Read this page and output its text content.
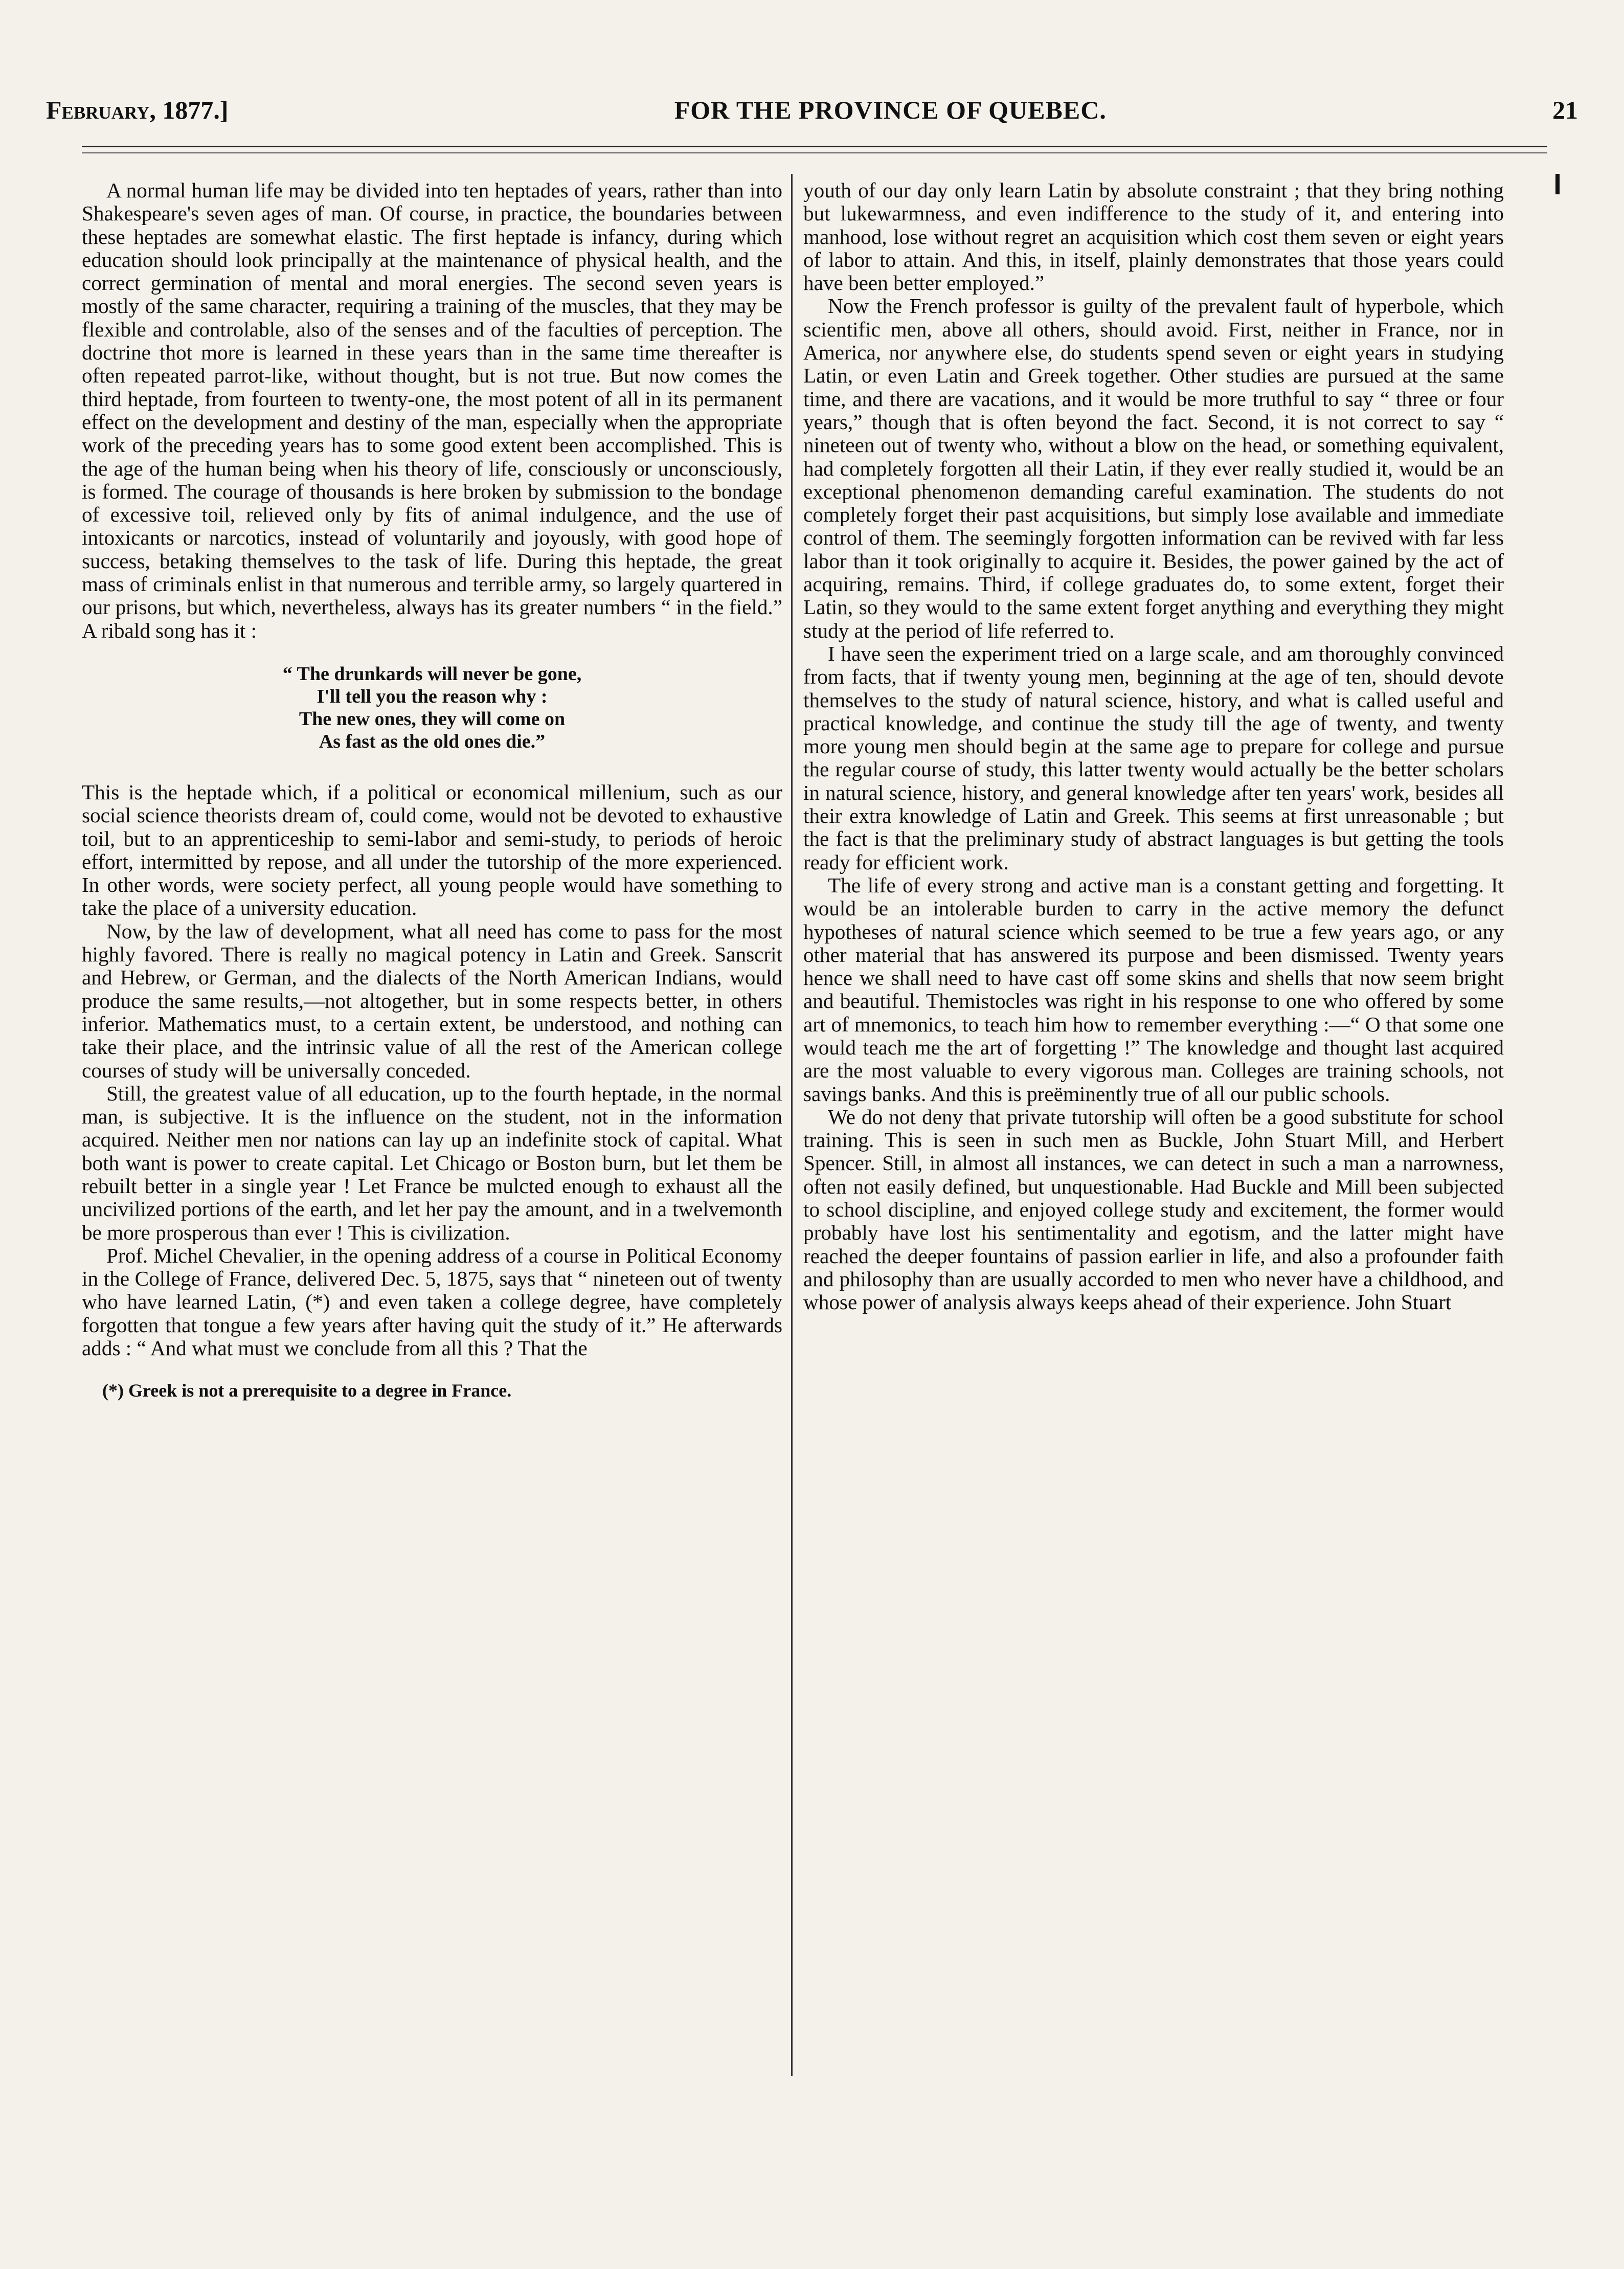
February, 1877.]	FOR THE PROVINCE OF QUEBEC.	21

A normal human life may be divided into ten heptades of years, rather than into Shakespeare's seven ages of man. Of course, in practice, the boundaries between these heptades are somewhat elastic. The first heptade is infancy, during which education should look principally at the maintenance of physical health, and the correct germination of mental and moral energies. The second seven years is mostly of the same character, requiring a training of the muscles, that they may be flexible and controlable, also of the senses and of the faculties of perception. The doctrine thot more is learned in these years than in the same time thereafter is often repeated parrot-like, without thought, but is not true. But now comes the third heptade, from fourteen to twenty-one, the most potent of all in its permanent effect on the development and destiny of the man, especially when the appropriate work of the preceding years has to some good extent been accomplished. This is the age of the human being when his theory of life, consciously or unconsciously, is formed. The courage of thousands is here broken by submission to the bondage of excessive toil, relieved only by fits of animal indulgence, and the use of intoxicants or narcotics, instead of voluntarily and joyously, with good hope of success, betaking themselves to the task of life. During this heptade, the great mass of criminals enlist in that numerous and terrible army, so largely quartered in our prisons, but which, nevertheless, always has its greater numbers “ in the field.” A ribald song has it :

“ The drunkards will never be gone,
I'll tell you the reason why :
The new ones, they will come on
As fast as the old ones die.”

This is the heptade which, if a political or economical millenium, such as our social science theorists dream of, could come, would not be devoted to exhaustive toil, but to an apprenticeship to semi-labor and semi-study, to periods of heroic effort, intermitted by repose, and all under the tutorship of the more experienced. In other words, were society perfect, all young people would have something to take the place of a university education.

Now, by the law of development, what all need has come to pass for the most highly favored. There is really no magical potency in Latin and Greek. Sanscrit and Hebrew, or German, and the dialects of the North American Indians, would produce the same results,—not altogether, but in some respects better, in others inferior. Mathematics must, to a certain extent, be understood, and nothing can take their place, and the intrinsic value of all the rest of the American college courses of study will be universally conceded.

Still, the greatest value of all education, up to the fourth heptade, in the normal man, is subjective. It is the influence on the student, not in the information acquired. Neither men nor nations can lay up an indefinite stock of capital. What both want is power to create capital. Let Chicago or Boston burn, but let them be rebuilt better in a single year ! Let France be mulcted enough to exhaust all the uncivilized portions of the earth, and let her pay the amount, and in a twelvemonth be more prosperous than ever ! This is civilization.

Prof. Michel Chevalier, in the opening address of a course in Political Economy in the College of France, delivered Dec. 5, 1875, says that “ nineteen out of twenty who have learned Latin, (*) and even taken a college degree, have completely forgotten that tongue a few years after having quit the study of it.” He afterwards adds : “ And what must we conclude from all this ? That the

(*) Greek is not a prerequisite to a degree in France.

youth of our day only learn Latin by absolute constraint ; that they bring nothing but lukewarmness, and even indifference to the study of it, and entering into manhood, lose without regret an acquisition which cost them seven or eight years of labor to attain. And this, in itself, plainly demonstrates that those years could have been better employed.”

Now the French professor is guilty of the prevalent fault of hyperbole, which scientific men, above all others, should avoid. First, neither in France, nor in America, nor anywhere else, do students spend seven or eight years in studying Latin, or even Latin and Greek together. Other studies are pursued at the same time, and there are vacations, and it would be more truthful to say “ three or four years,” though that is often beyond the fact. Second, it is not correct to say “ nineteen out of twenty who, without a blow on the head, or something equivalent, had completely forgotten all their Latin, if they ever really studied it, would be an exceptional phenomenon demanding careful examination. The students do not completely forget their past acquisitions, but simply lose available and immediate control of them. The seemingly forgotten information can be revived with far less labor than it took originally to acquire it. Besides, the power gained by the act of acquiring, remains. Third, if college graduates do, to some extent, forget their Latin, so they would to the same extent forget anything and everything they might study at the period of life referred to.

I have seen the experiment tried on a large scale, and am thoroughly convinced from facts, that if twenty young men, beginning at the age of ten, should devote themselves to the study of natural science, history, and what is called useful and practical knowledge, and continue the study till the age of twenty, and twenty more young men should begin at the same age to prepare for college and pursue the regular course of study, this latter twenty would actually be the better scholars in natural science, history, and general knowledge after ten years' work, besides all their extra knowledge of Latin and Greek. This seems at first unreasonable ; but the fact is that the preliminary study of abstract languages is but getting the tools ready for efficient work.

The life of every strong and active man is a constant getting and forgetting. It would be an intolerable burden to carry in the active memory the defunct hypotheses of natural science which seemed to be true a few years ago, or any other material that has answered its purpose and been dismissed. Twenty years hence we shall need to have cast off some skins and shells that now seem bright and beautiful. Themistocles was right in his response to one who offered by some art of mnemonics, to teach him how to remember everything :—“ O that some one would teach me the art of forgetting !” The knowledge and thought last acquired are the most valuable to every vigorous man. Colleges are training schools, not savings banks. And this is preëminently true of all our public schools.

We do not deny that private tutorship will often be a good substitute for school training. This is seen in such men as Buckle, John Stuart Mill, and Herbert Spencer. Still, in almost all instances, we can detect in such a man a narrowness, often not easily defined, but unquestionable. Had Buckle and Mill been subjected to school discipline, and enjoyed college study and excitement, the former would probably have lost his sentimentality and egotism, and the latter might have reached the deeper fountains of passion earlier in life, and also a profounder faith and philosophy than are usually accorded to men who never have a childhood, and whose power of analysis always keeps ahead of their experience. John Stuart
